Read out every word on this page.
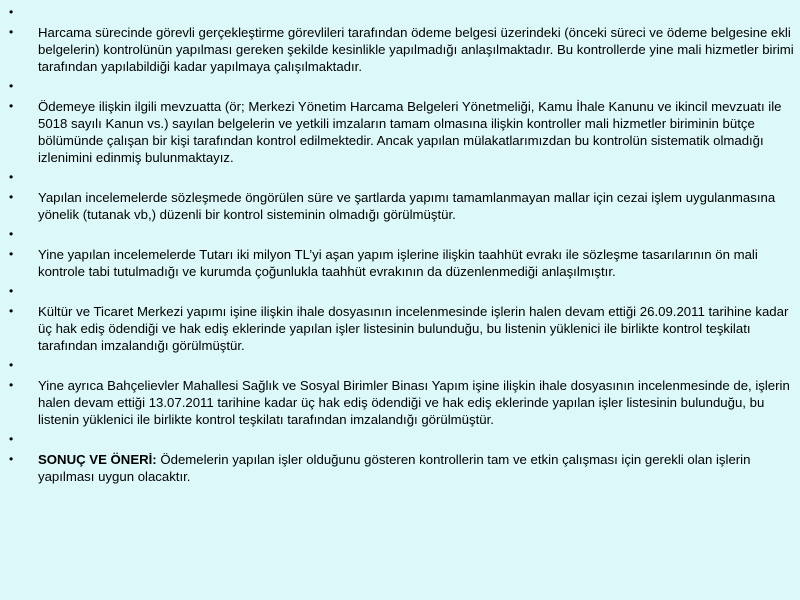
•
• Harcama sürecinde görevli gerçekleştirme görevlileri tarafından ödeme belgesi üzerindeki (önceki süreci ve ödeme belgesine ekli belgelerin) kontrolünün yapılması gereken şekilde kesinlikle yapılmadığı anlaşılmaktadır. Bu kontrollerde yine mali hizmetler birimi tarafından yapılabildiği kadar yapılmaya çalışılmaktadır.
•
• Ödemeye ilişkin ilgili mevzuatta (ör; Merkezi Yönetim Harcama Belgeleri Yönetmeliği, Kamu İhale Kanunu ve ikincil mevzuatı ile 5018 sayılı Kanun vs.) sayılan belgelerin ve yetkili imzaların tamam olmasına ilişkin kontroller mali hizmetler biriminin bütçe bölümünde çalışan bir kişi tarafından kontrol edilmektedir. Ancak yapılan mülakatlarımızdan bu kontrolün sistematik olmadığı izlenimini edinmiş bulunmaktayız.
•
• Yapılan incelemelerde sözleşmede öngörülen süre ve şartlarda yapımı tamamlanmayan mallar için cezai işlem uygulanmasına yönelik (tutanak vb,) düzenli bir kontrol sisteminin olmadığı görülmüştür.
•
• Yine yapılan incelemelerde Tutarı iki milyon TL’yi aşan yapım işlerine ilişkin taahhüt evrakı ile sözleşme tasarılarının ön mali kontrole tabi tutulmadığı ve kurumda çoğunlukla taahhüt evrakının da düzenlenmediği anlaşılmıştır.
•
• Kültür ve Ticaret Merkezi yapımı işine ilişkin ihale dosyasının incelenmesinde işlerin halen devam ettiği 26.09.2011 tarihine kadar üç hak ediş ödendiği ve hak ediş eklerinde yapılan işler listesinin bulunduğu, bu listenin yüklenici ile birlikte kontrol teşkilatı tarafından imzalandığı görülmüştür.
•
• Yine ayrıca Bahçelievler Mahallesi Sağlık ve Sosyal Birimler Binası Yapım işine ilişkin ihale dosyasının incelenmesinde de, işlerin halen devam ettiği 13.07.2011 tarihine kadar üç hak ediş ödendiği ve hak ediş eklerinde yapılan işler listesinin bulunduğu, bu listenin yüklenici ile birlikte kontrol teşkilatı tarafından imzalandığı görülmüştür.
•
• SONUÇ VE ÖNERİ: Ödemelerin yapılan işler olduğunu gösteren kontrollerin tam ve etkin çalışması için gerekli olan işlerin yapılması uygun olacaktır.
